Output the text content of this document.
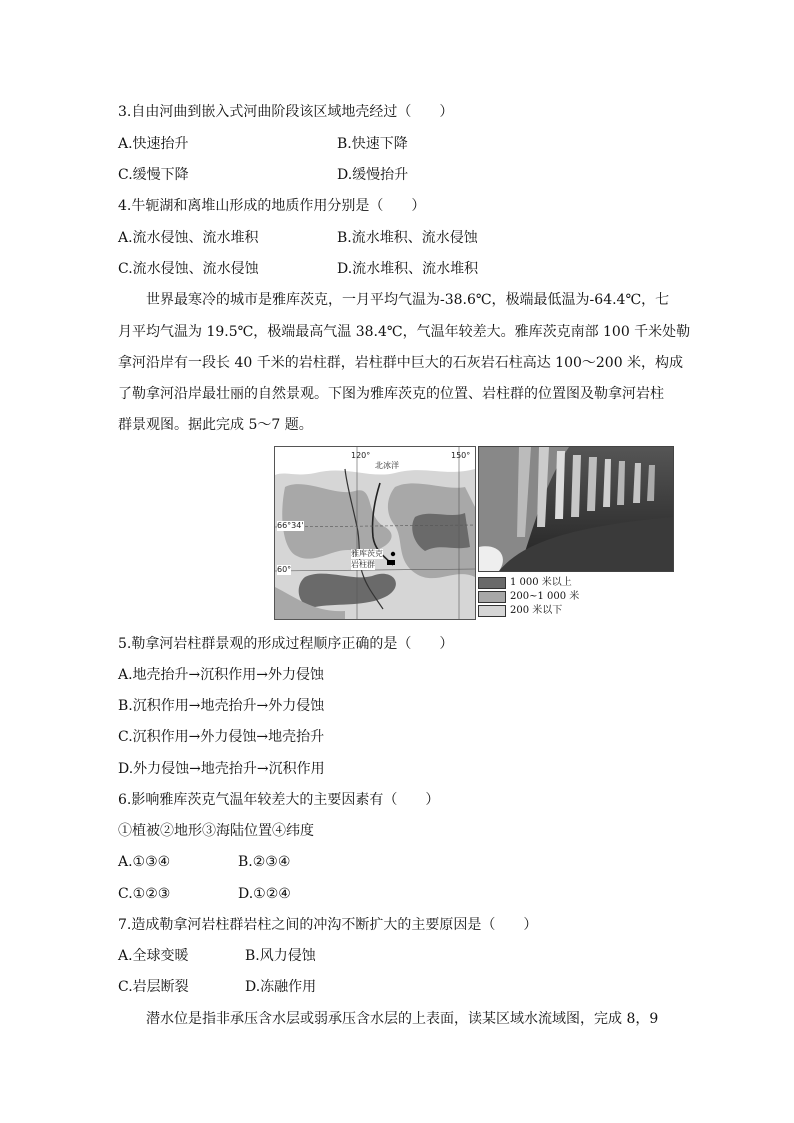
3.自由河曲到嵌入式河曲阶段该区域地壳经过（　　）
A.快速抬升	B.快速下降
C.缓慢下降	D.缓慢抬升
4.牛轭湖和离堆山形成的地质作用分别是（　　）
A.流水侵蚀、流水堆积	B.流水堆积、流水侵蚀
C.流水侵蚀、流水侵蚀	D.流水堆积、流水堆积
世界最寒冷的城市是雅库茨克，一月平均气温为-38.6℃，极端最低温为-64.4℃，七
月平均气温为 19.5℃，极端最高气温 38.4℃，气温年较差大。雅库茨克南部 100 千米处勒
拿河沿岸有一段长 40 千米的岩柱群，岩柱群中巨大的石灰岩石柱高达 100～200 米，构成
了勒拿河沿岸最壮丽的自然景观。下图为雅库茨克的位置、岩柱群的位置图及勒拿河岩柱
群景观图。据此完成 5～7 题。
120°	150°
北冰洋
66°34'
60°
雅库茨克
岩柱群
1 000 米以上
200~1 000 米
200 米以下
5.勒拿河岩柱群景观的形成过程顺序正确的是（　　）
A.地壳抬升→沉积作用→外力侵蚀
B.沉积作用→地壳抬升→外力侵蚀
C.沉积作用→外力侵蚀→地壳抬升
D.外力侵蚀→地壳抬升→沉积作用
6.影响雅库茨克气温年较差大的主要因素有（　　）
①植被②地形③海陆位置④纬度
A.①③④	B.②③④
C.①②③	D.①②④
7.造成勒拿河岩柱群岩柱之间的冲沟不断扩大的主要原因是（　　）
A.全球变暖	B.风力侵蚀
C.岩层断裂	D.冻融作用
潜水位是指非承压含水层或弱承压含水层的上表面，读某区域水流域图，完成 8，9
